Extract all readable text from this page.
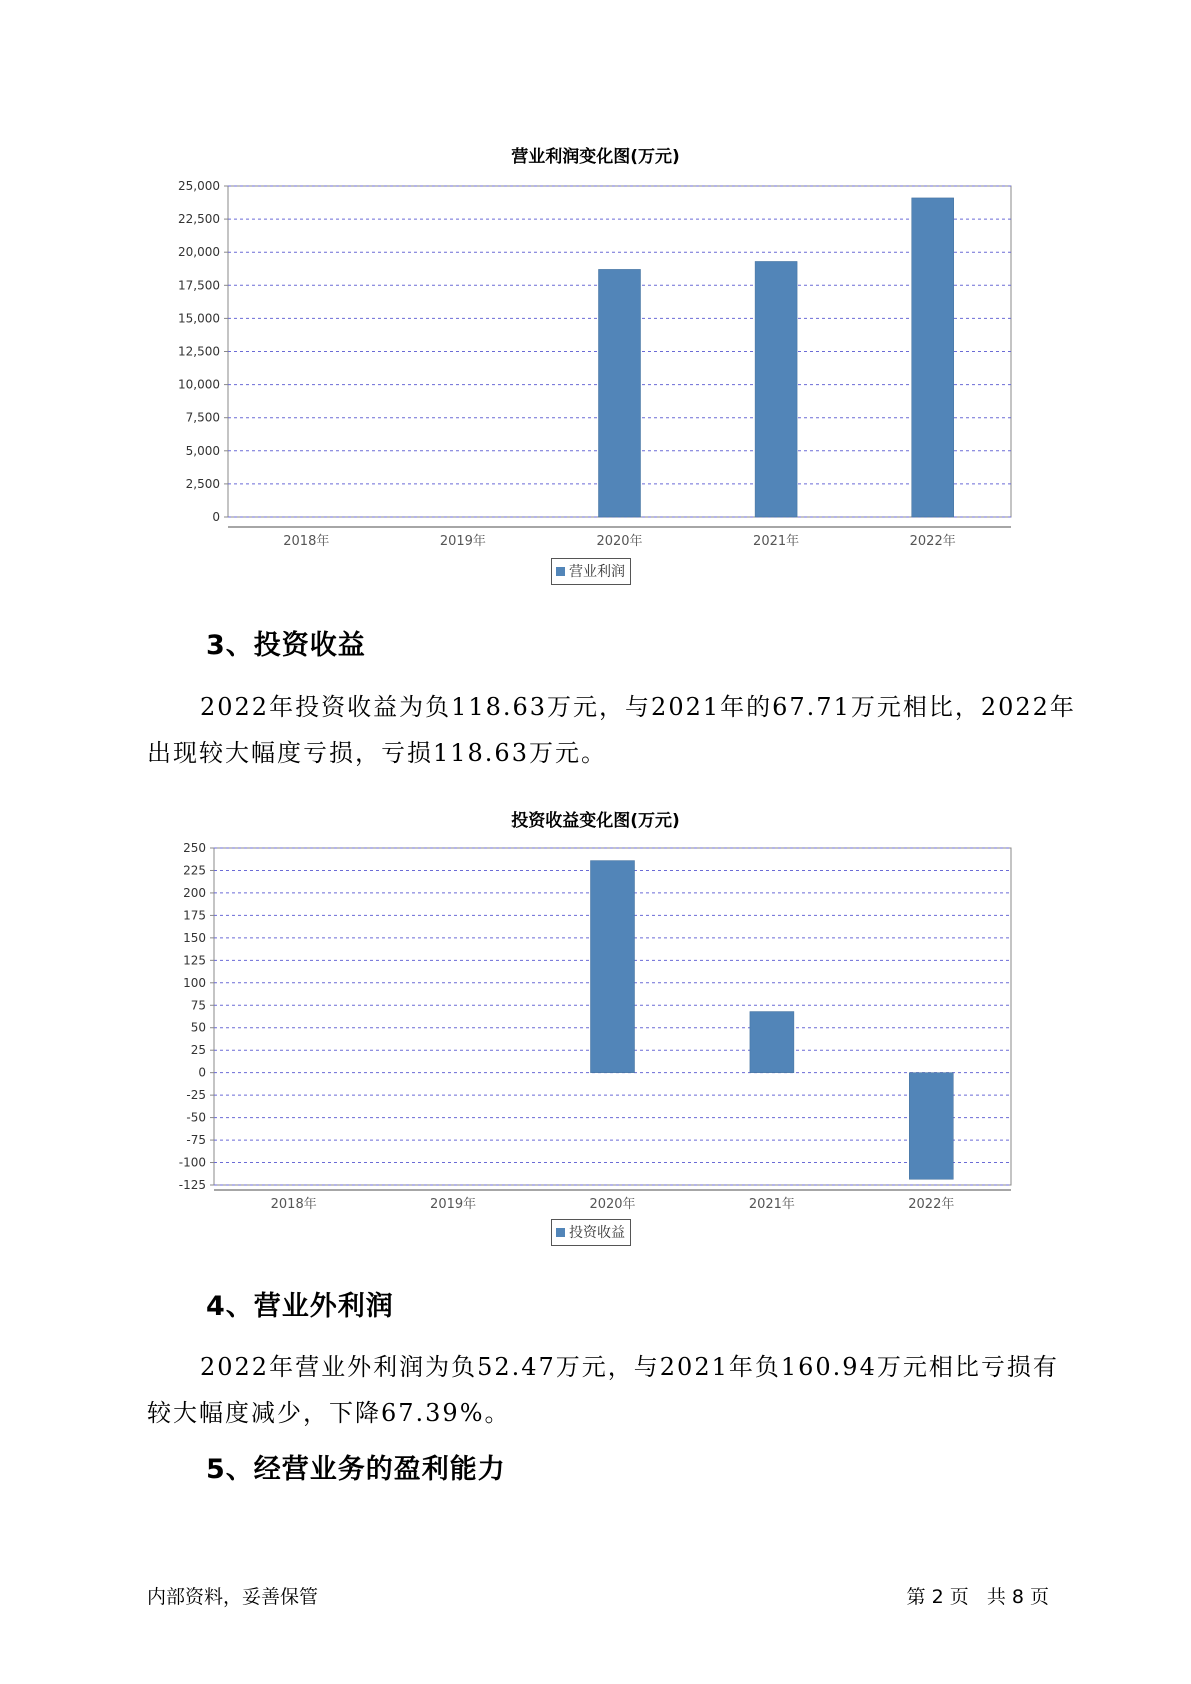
营业利润变化图(万元)
0
2,500
5,000
7,500
10,000
12,500
15,000
17,500
20,000
22,500
25,000
2018年	2019年	2020年	2021年	2022年
营业利润
3、投资收益
2022年投资收益为负118.63万元，与2021年的67.71万元相比，2022年
出现较大幅度亏损，亏损118.63万元。
投资收益变化图(万元)
-125
-100
-75
-50
-25
0
25
50
75
100
125
150
175
200
225
250
2018年	2019年	2020年	2021年	2022年
投资收益
4、营业外利润
2022年营业外利润为负52.47万元，与2021年负160.94万元相比亏损有
较大幅度减少，下降67.39%。
5、经营业务的盈利能力
内部资料，妥善保管	第 2 页   共 8 页
